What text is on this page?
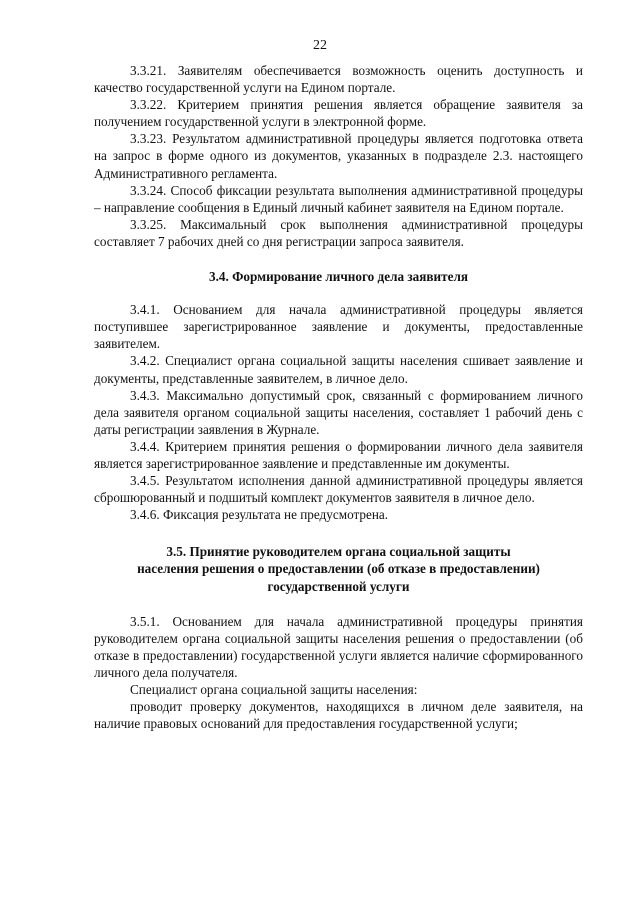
22

3.3.21. Заявителям обеспечивается возможность оценить доступность и качество государственной услуги на Едином портале.

3.3.22. Критерием принятия решения является обращение заявителя за получением государственной услуги в электронной форме.

3.3.23. Результатом административной процедуры является подготовка ответа на запрос в форме одного из документов, указанных в подразделе 2.3. настоящего Административного регламента.

3.3.24. Способ фиксации результата выполнения административной процедуры – направление сообщения в Единый личный кабинет заявителя на Едином портале.

3.3.25. Максимальный срок выполнения административной процедуры составляет 7 рабочих дней со дня регистрации запроса заявителя.

3.4. Формирование личного дела заявителя

3.4.1. Основанием для начала административной процедуры является поступившее зарегистрированное заявление и документы, предоставленные заявителем.

3.4.2. Специалист органа социальной защиты населения сшивает заявление и документы, представленные заявителем, в личное дело.

3.4.3. Максимально допустимый срок, связанный с формированием личного дела заявителя органом социальной защиты населения, составляет 1 рабочий день с даты регистрации заявления в Журнале.

3.4.4. Критерием принятия решения о формировании личного дела заявителя является зарегистрированное заявление и представленные им документы.

3.4.5. Результатом исполнения данной административной процедуры является сброшюрованный и подшитый комплект документов заявителя в личное дело.

3.4.6. Фиксация результата не предусмотрена.

3.5. Принятие руководителем органа социальной защиты

населения решения о предоставлении (об отказе в предоставлении)

государственной услуги

3.5.1. Основанием для начала административной процедуры принятия руководителем органа социальной защиты населения решения о предоставлении (об отказе в предоставлении) государственной услуги является наличие сформированного личного дела получателя.

Специалист органа социальной защиты населения:

проводит проверку документов, находящихся в личном деле заявителя, на наличие правовых оснований для предоставления государственной услуги;
